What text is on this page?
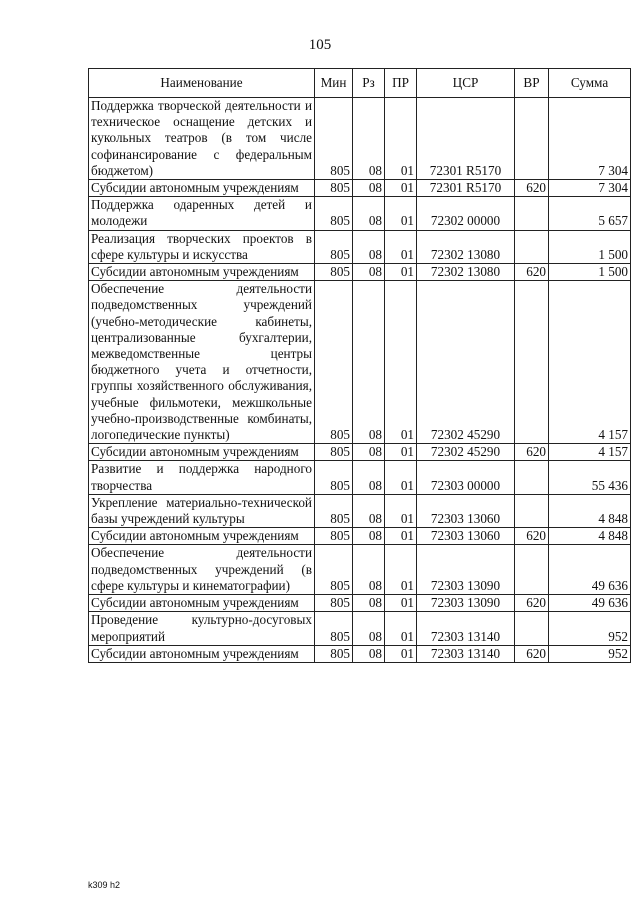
105
Наименование	Мин	Рз	ПР	ЦСР	ВР	Сумма
Поддержка творческой деятельности и техническое оснащение детских и кукольных театров (в том числе софинансирование с федеральным бюджетом)	805	08	01	72301 R5170		7 304
Субсидии автономным учреждениям	805	08	01	72301 R5170	620	7 304
Поддержка одаренных детей и молодежи	805	08	01	72302 00000		5 657
Реализация творческих проектов в сфере культуры и искусства	805	08	01	72302 13080		1 500
Субсидии автономным учреждениям	805	08	01	72302 13080	620	1 500
Обеспечение деятельности подведомственных учреждений (учебно-методические кабинеты, централизованные бухгалтерии, межведомственные центры бюджетного учета и отчетности, группы хозяйственного обслуживания, учебные фильмотеки, межшкольные учебно-производственные комбинаты, логопедические пункты)	805	08	01	72302 45290		4 157
Субсидии автономным учреждениям	805	08	01	72302 45290	620	4 157
Развитие и поддержка народного творчества	805	08	01	72303 00000		55 436
Укрепление материально-технической базы учреждений культуры	805	08	01	72303 13060		4 848
Субсидии автономным учреждениям	805	08	01	72303 13060	620	4 848
Обеспечение деятельности подведомственных учреждений (в сфере культуры и кинематографии)	805	08	01	72303 13090		49 636
Субсидии автономным учреждениям	805	08	01	72303 13090	620	49 636
Проведение культурно-досуговых мероприятий	805	08	01	72303 13140		952
Субсидии автономным учреждениям	805	08	01	72303 13140	620	952
k309 h2
